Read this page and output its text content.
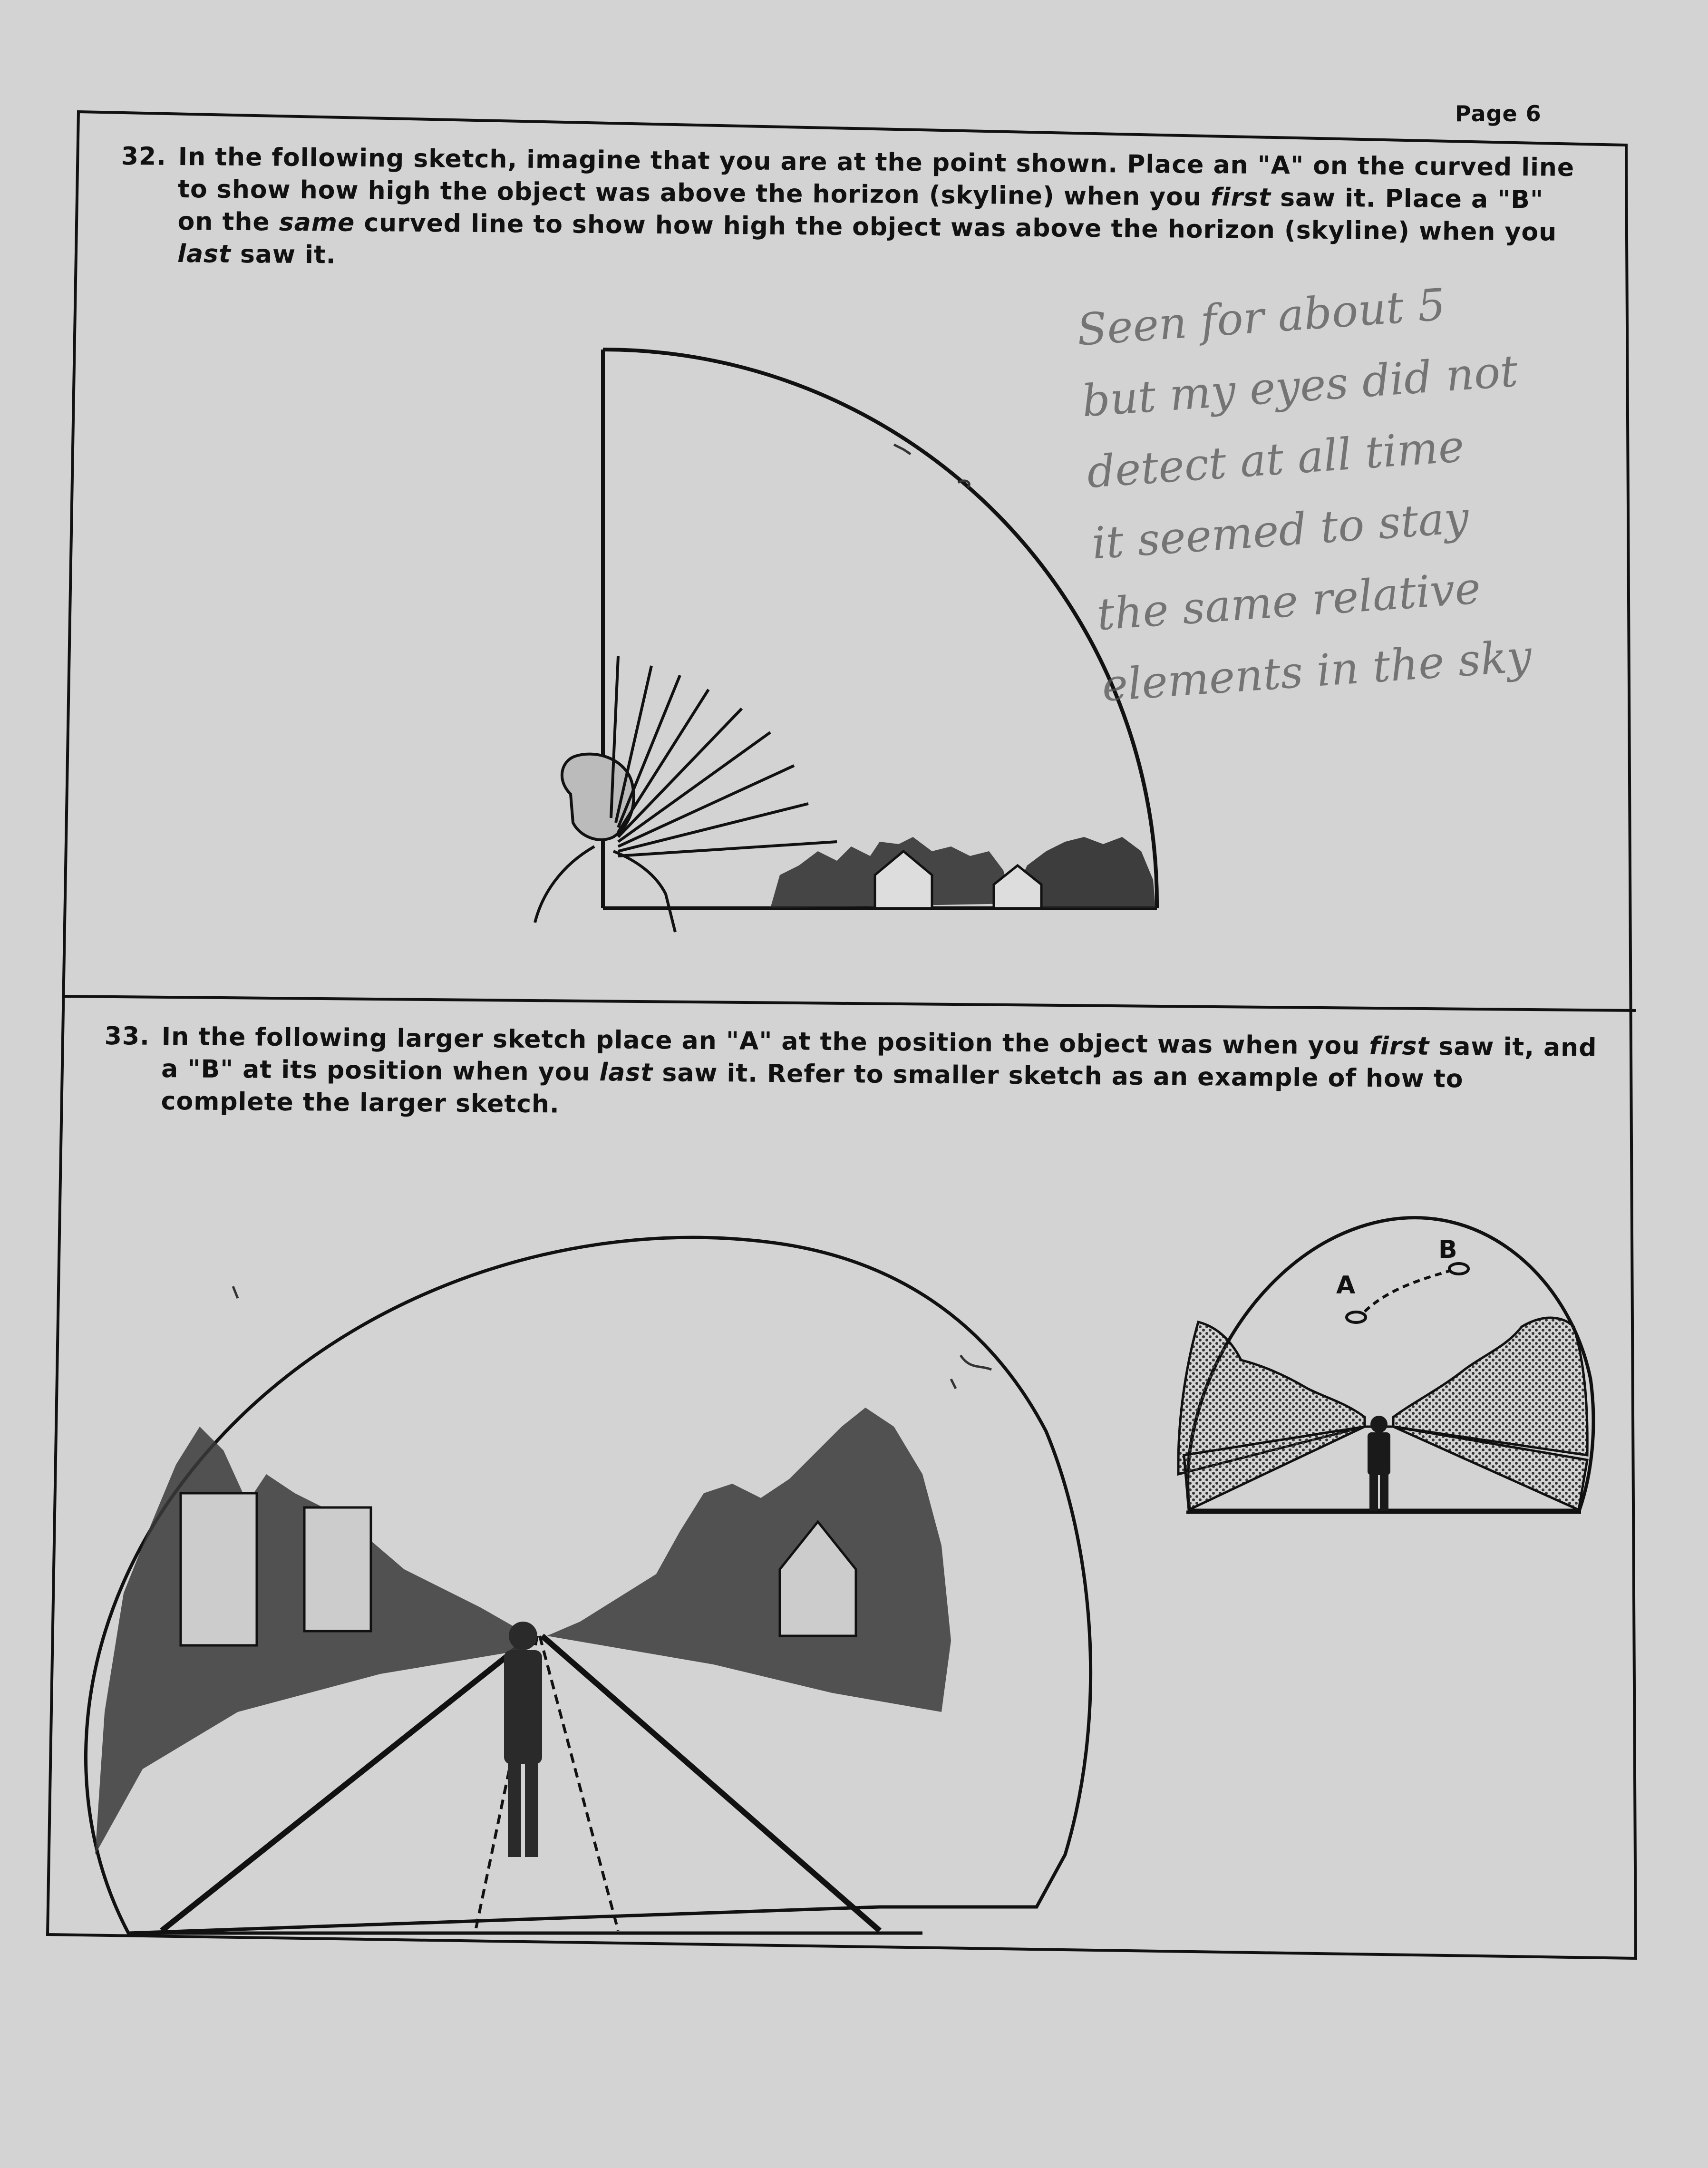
Page 6
A
B
32. In the following sketch, imagine that you are at the point shown. Place an "A" on the curved line to show how high the object was above the horizon (skyline) when you first saw it. Place a "B" on the same curved line to show how high the object was above the horizon (skyline) when you last saw it.
33. In the following larger sketch place an "A" at the position the object was when you first saw it, and a "B" at its position when you last saw it. Refer to smaller sketch as an example of how to complete the larger sketch.
Seen for about 5
but my eyes did not
detect at all time
it seemed to stay
the same relative
elements in the sky
